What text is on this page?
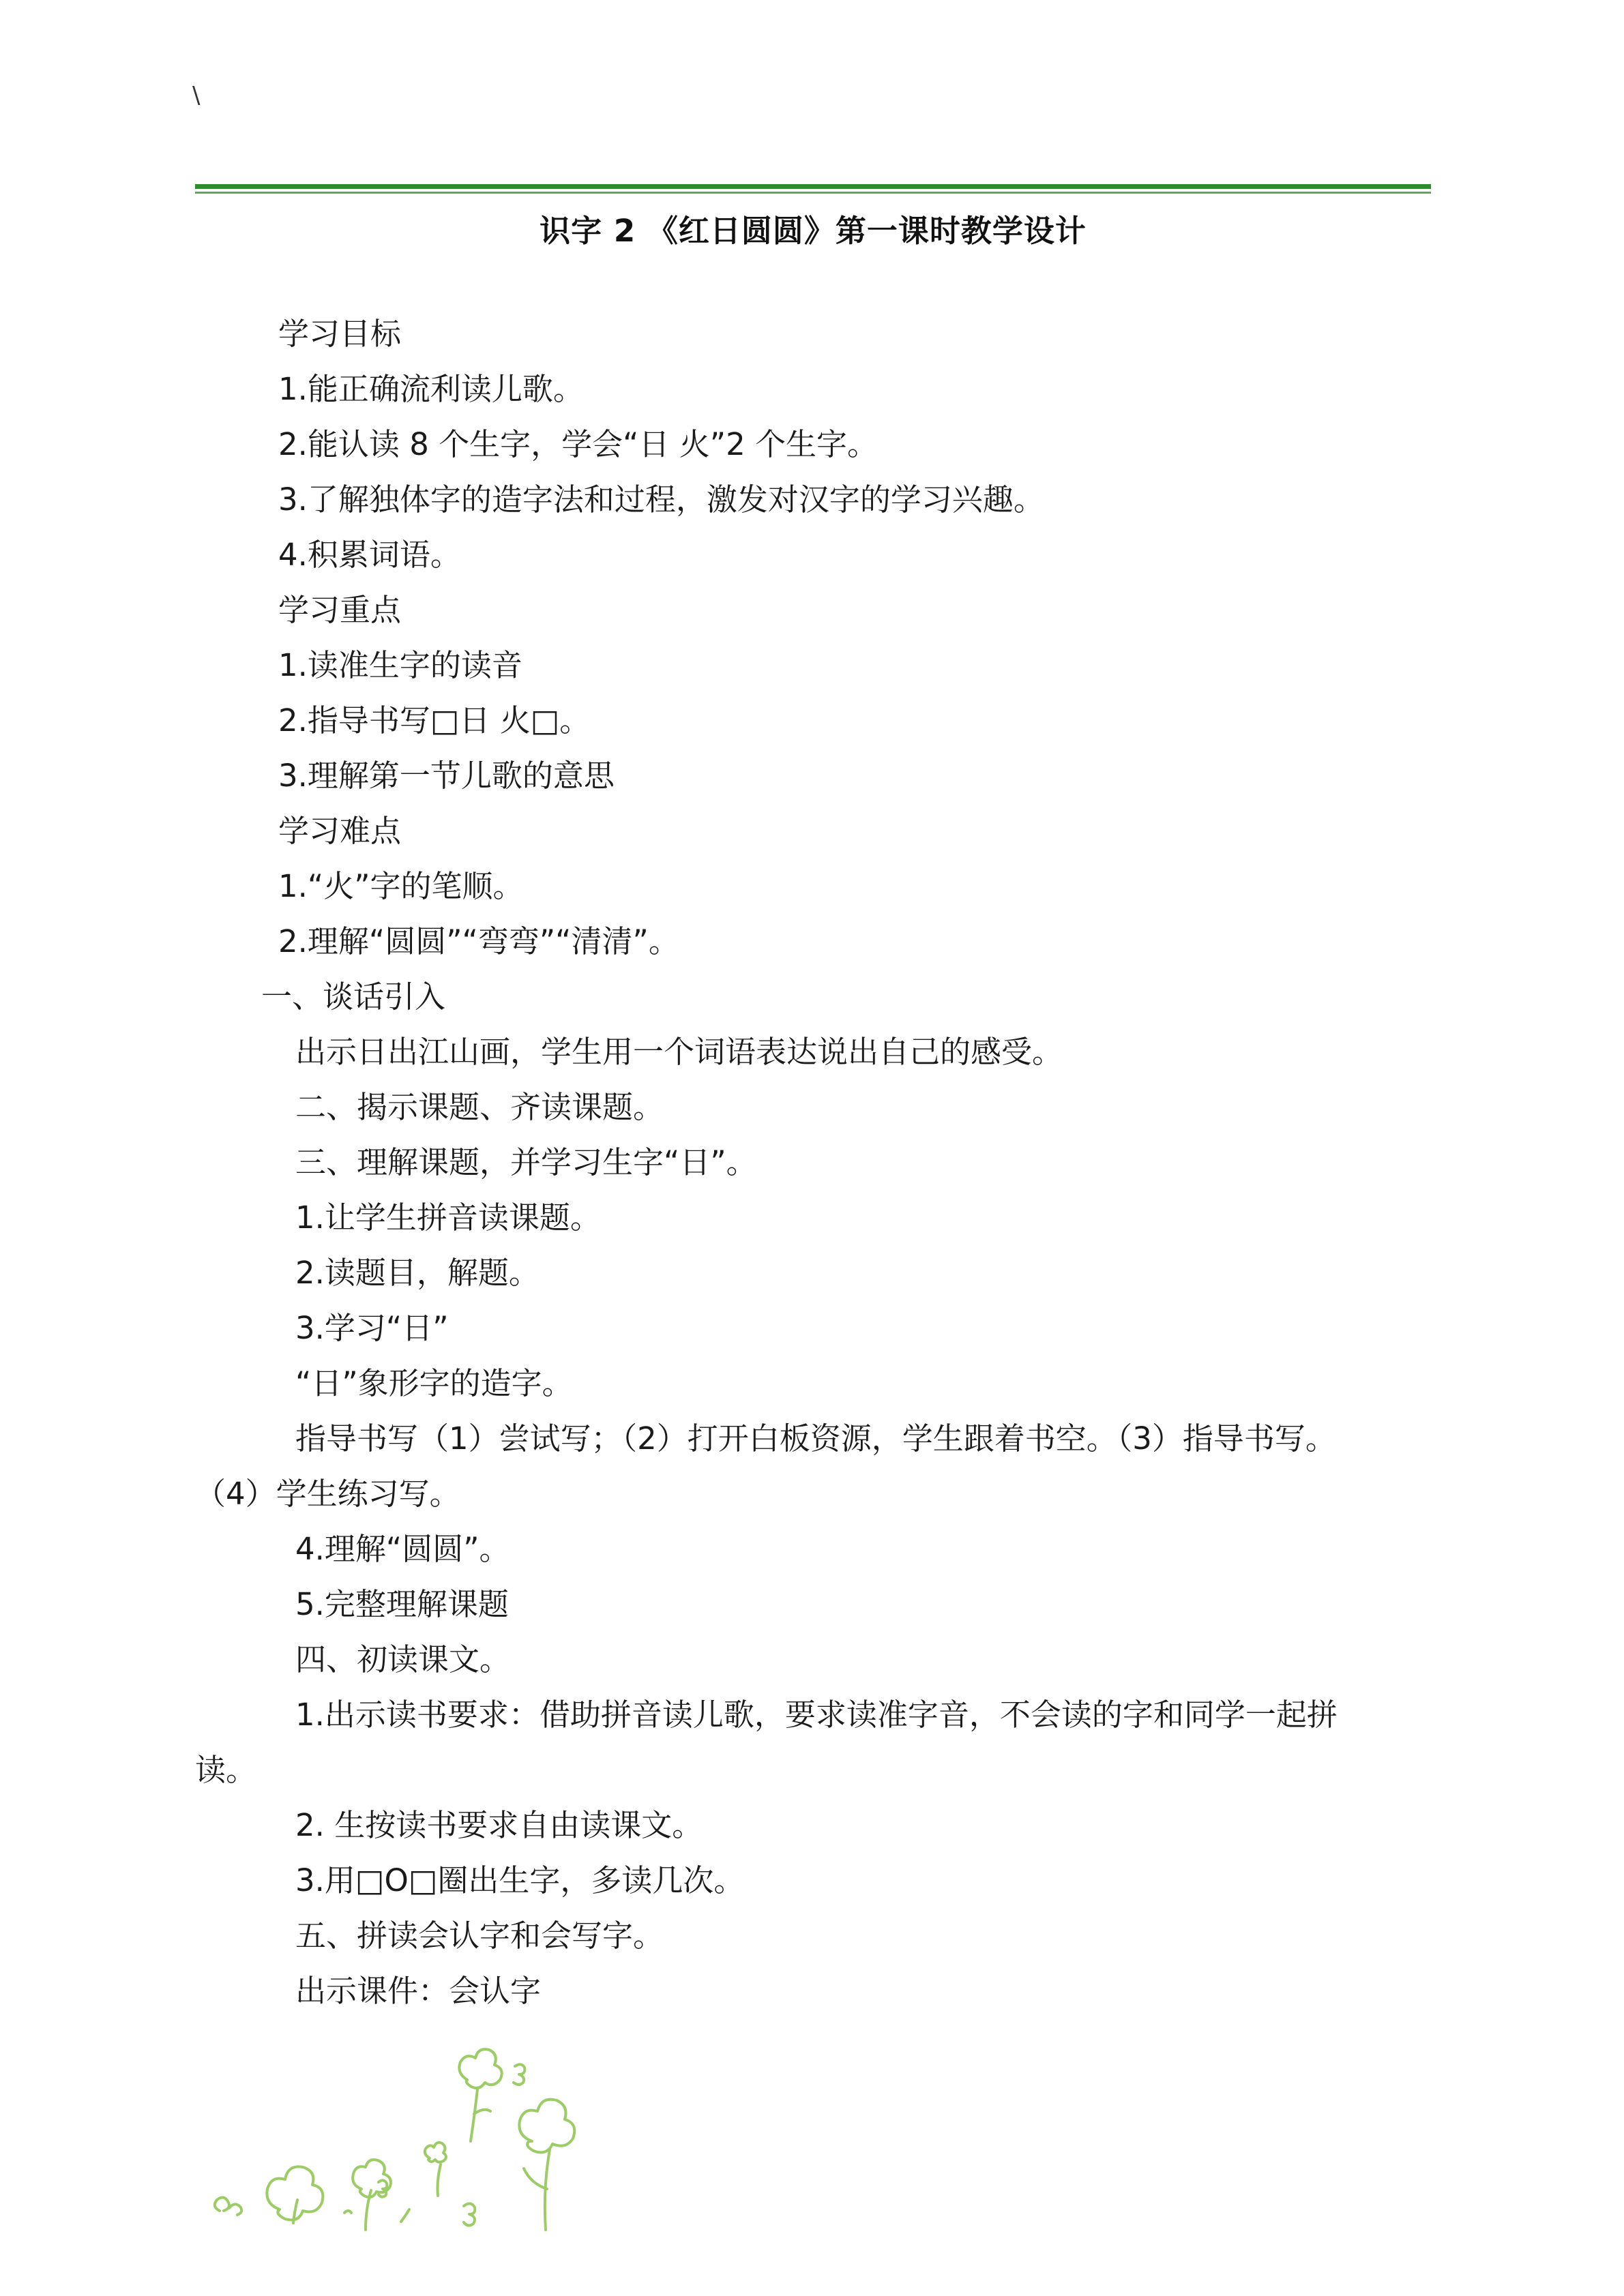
\
识字 2 《红日圆圆》第一课时教学设计
学习目标
1.能正确流利读儿歌。
2.能认读 8 个生字，学会“日 火”2 个生字。
3.了解独体字的造字法和过程，激发对汉字的学习兴趣。
4.积累词语。
学习重点
1.读准生字的读音
2.指导书写□日 火□。
3.理解第一节儿歌的意思
学习难点
1.“火”字的笔顺。
2.理解“圆圆”“弯弯”“清清”。
一、谈话引入
出示日出江山画，学生用一个词语表达说出自己的感受。
二、揭示课题、齐读课题。
三、理解课题，并学习生字“日”。
1.让学生拼音读课题。
2.读题目，解题。
3.学习“日”
“日”象形字的造字。
指导书写（1）尝试写；（2）打开白板资源，学生跟着书空。（3）指导书写。
（4）学生练习写。
4.理解“圆圆”。
5.完整理解课题
四、初读课文。
1.出示读书要求：借助拼音读儿歌，要求读准字音，不会读的字和同学一起拼
读。
2. 生按读书要求自由读课文。
3.用□O□圈出生字，多读几次。
五、拼读会认字和会写字。
出示课件：会认字
